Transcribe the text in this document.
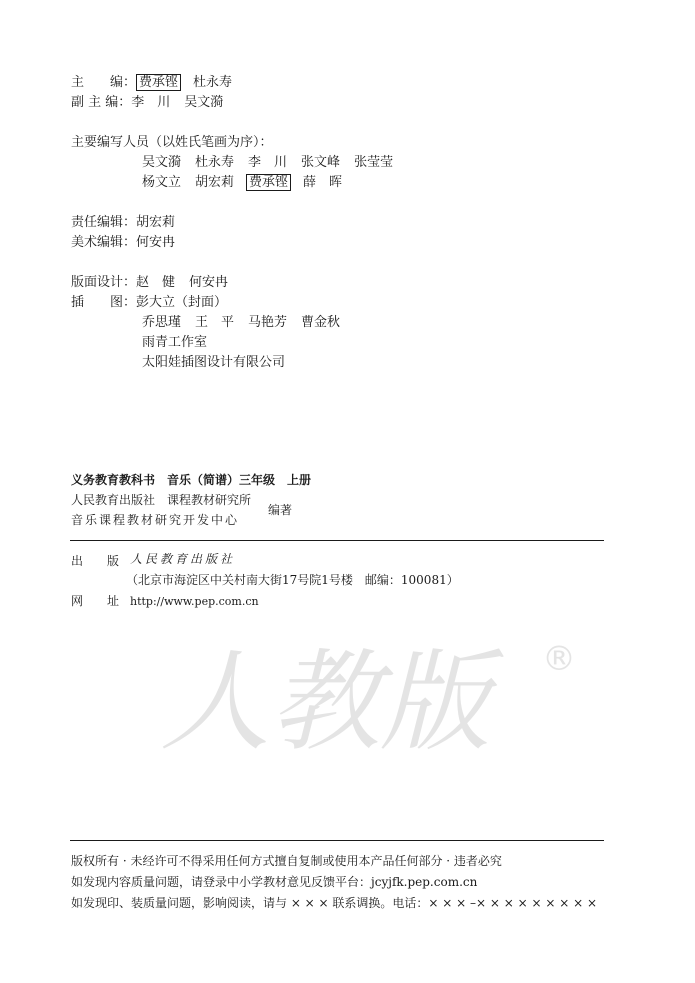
主　　编： 费承铿 杜永寿
副 主 编：李　川 吴文漪
主要编写人员（以姓氏笔画为序）：
吴文漪 杜永寿 李　川 张文峰 张莹莹
杨文立 胡宏莉 费承铿 薛　晖
责任编辑：胡宏莉
美术编辑：何安冉
版面设计：赵　健 何安冉
插　　图：彭大立（封面）
乔思瑾 王　平 马艳芳 曹金秋
雨青工作室
太阳娃插图设计有限公司
义务教育教科书　音乐（简谱）三年级　上册
人民教育出版社　课程教材研究所
音乐课程教材研究开发中心
编著
出　　版 人民教育出版社
（北京市海淀区中关村南大街17号院1号楼　邮编：100081）
网　　址 http://www.pep.com.cn
人教版	®
版权所有 · 未经许可不得采用任何方式擅自复制或使用本产品任何部分 · 违者必究
如发现内容质量问题，请登录中小学教材意见反馈平台：jcyjfk.pep.com.cn
如发现印、装质量问题，影响阅读，请与 × × × 联系调换。电话：× × × –× × × × × × × × ×
